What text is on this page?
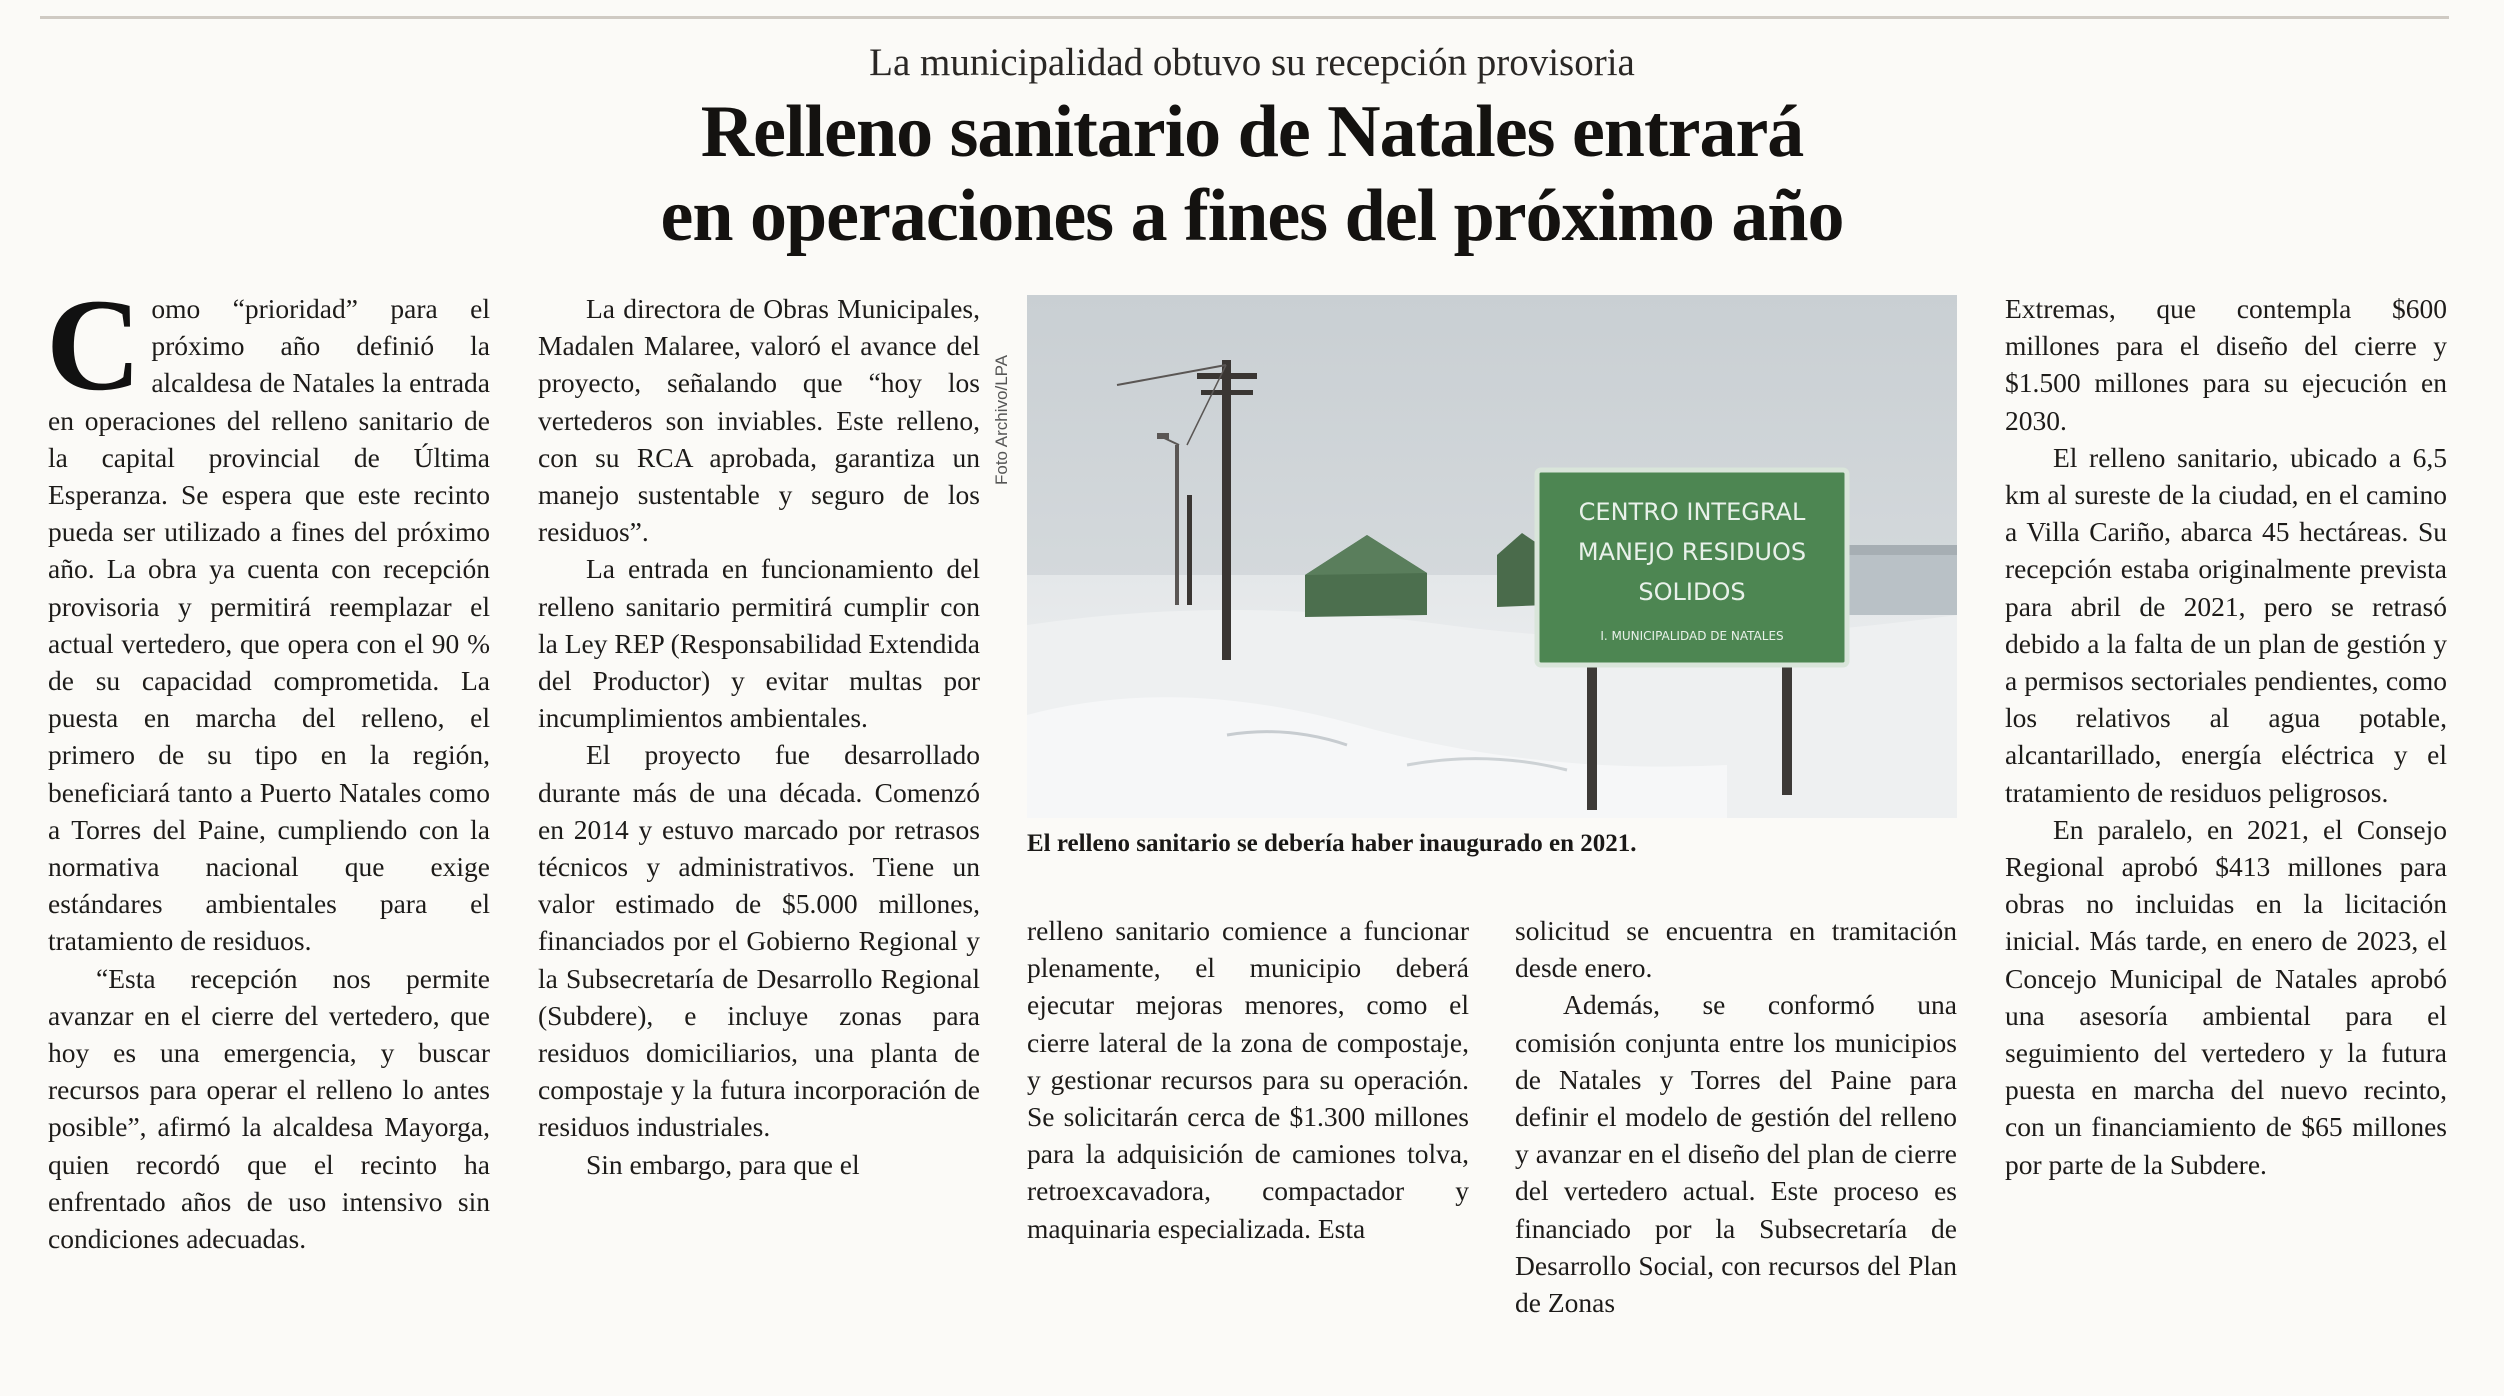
La municipalidad obtuvo su recepción provisoria
Relleno sanitario de Natales entrará
en operaciones a fines del próximo año

Como “prioridad” para el próximo año definió la alcaldesa de Natales la entrada en operaciones del relleno sanitario de la capital provincial de Última Esperanza. Se espera que este recinto pueda ser utilizado a fines del próximo año. La obra ya cuenta con recepción provisoria y permitirá reemplazar el actual vertedero, que opera con el 90 % de su capacidad comprometida. La puesta en marcha del relleno, el primero de su tipo en la región, beneficiará tanto a Puerto Natales como a Torres del Paine, cumpliendo con la normativa nacional que exige estándares ambientales para el tratamiento de residuos.

“Esta recepción nos permite avanzar en el cierre del vertedero, que hoy es una emergencia, y buscar recursos para operar el relleno lo antes posible”, afirmó la alcaldesa Mayorga, quien recordó que el recinto ha enfrentado años de uso intensivo sin condiciones adecuadas.

La directora de Obras Municipales, Madalen Malaree, valoró el avance del proyecto, señalando que “hoy los vertederos son inviables. Este relleno, con su RCA aprobada, garantiza un manejo sustentable y seguro de los residuos”.

La entrada en funcionamiento del relleno sanitario permitirá cumplir con la Ley REP (Responsabilidad Extendida del Productor) y evitar multas por incumplimientos ambientales.

El proyecto fue desarrollado durante más de una década. Comenzó en 2014 y estuvo marcado por retrasos técnicos y administrativos. Tiene un valor estimado de $5.000 millones, financiados por el Gobierno Regional y la Subsecretaría de Desarrollo Regional (Subdere), e incluye zonas para residuos domiciliarios, una planta de compostaje y la futura incorporación de residuos industriales.

Sin embargo, para que el

Foto Archivo/LPA
CENTRO INTEGRAL
MANEJO RESIDUOS
SOLIDOS
I. MUNICIPALIDAD DE NATALES
El relleno sanitario se debería haber inaugurado en 2021.

relleno sanitario comience a funcionar plenamente, el municipio deberá ejecutar mejoras menores, como el cierre lateral de la zona de compostaje, y gestionar recursos para su operación. Se solicitarán cerca de $1.300 millones para la adquisición de camiones tolva, retroexcavadora, compactador y maquinaria especializada. Esta

solicitud se encuentra en tramitación desde enero.

Además, se conformó una comisión conjunta entre los municipios de Natales y Torres del Paine para definir el modelo de gestión del relleno y avanzar en el diseño del plan de cierre del vertedero actual. Este proceso es financiado por la Subsecretaría de Desarrollo Social, con recursos del Plan de Zonas

Extremas, que contempla $600 millones para el diseño del cierre y $1.500 millones para su ejecución en 2030.

El relleno sanitario, ubicado a 6,5 km al sureste de la ciudad, en el camino a Villa Cariño, abarca 45 hectáreas. Su recepción estaba originalmente prevista para abril de 2021, pero se retrasó debido a la falta de un plan de gestión y a permisos sectoriales pendientes, como los relativos al agua potable, alcantarillado, energía eléctrica y el tratamiento de residuos peligrosos.

En paralelo, en 2021, el Consejo Regional aprobó $413 millones para obras no incluidas en la licitación inicial. Más tarde, en enero de 2023, el Concejo Municipal de Natales aprobó una asesoría ambiental para el seguimiento del vertedero y la futura puesta en marcha del nuevo recinto, con un financiamiento de $65 millones por parte de la Subdere.
